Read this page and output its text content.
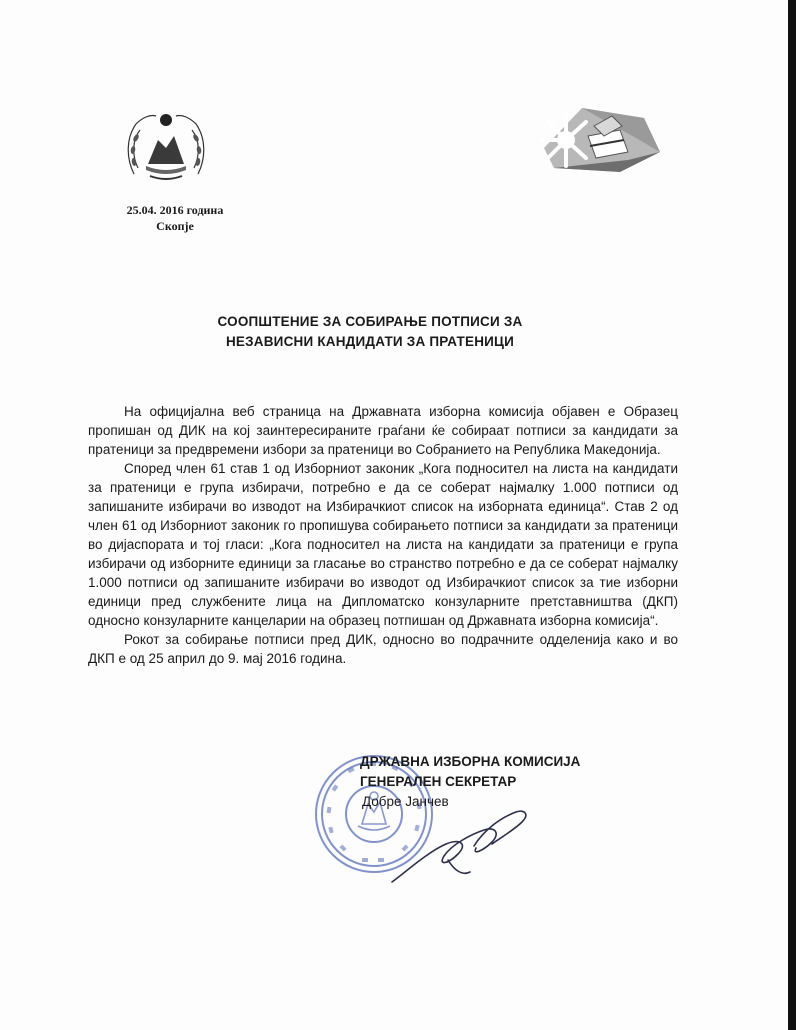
25.04. 2016 година
Скопје
СООПШТЕНИЕ ЗА СОБИРАЊЕ ПОТПИСИ ЗА
НЕЗАВИСНИ КАНДИДАТИ ЗА ПРАТЕНИЦИ

На официјална веб страница на Државната изборна комисија објавен е Образец пропишан од ДИК на кој заинтересираните граѓани ќе собираат потписи за кандидати за пратеници за предвремени избори за пратеници во Собранието на Република Македонија.

Според член 61 став 1 од Изборниот законик „Кога подносител на листа на кандидати за пратеници е група избирачи, потребно е да се соберат најмалку 1.000 потписи од запишаните избирачи во изводот на Избирачкиот список на изборната единица“. Став 2 од член 61 од Изборниот законик го пропишува собирањето потписи за кандидати за пратеници во дијаспората и тој гласи: „Кога подносител на листа на кандидати за пратеници е група избирачи од изборните единици за гласање во странство потребно е да се соберат најмалку 1.000 потписи од запишаните избирачи во изводот од Избирачкиот список за тие изборни единици пред службените лица на Дипломатско конзуларните претставништва (ДКП) односно конзуларните канцеларии на образец потпишан од Државната изборна комисија“.

Рокот за собирање потписи пред ДИК, односно во подрачните одделенија како и во ДКП е од 25 април до 9. мај 2016 година.

ДРЖАВНА ИЗБОРНА КОМИСИЈА
ГЕНЕРАЛЕН СЕКРЕТАР
Добре Јанчев
